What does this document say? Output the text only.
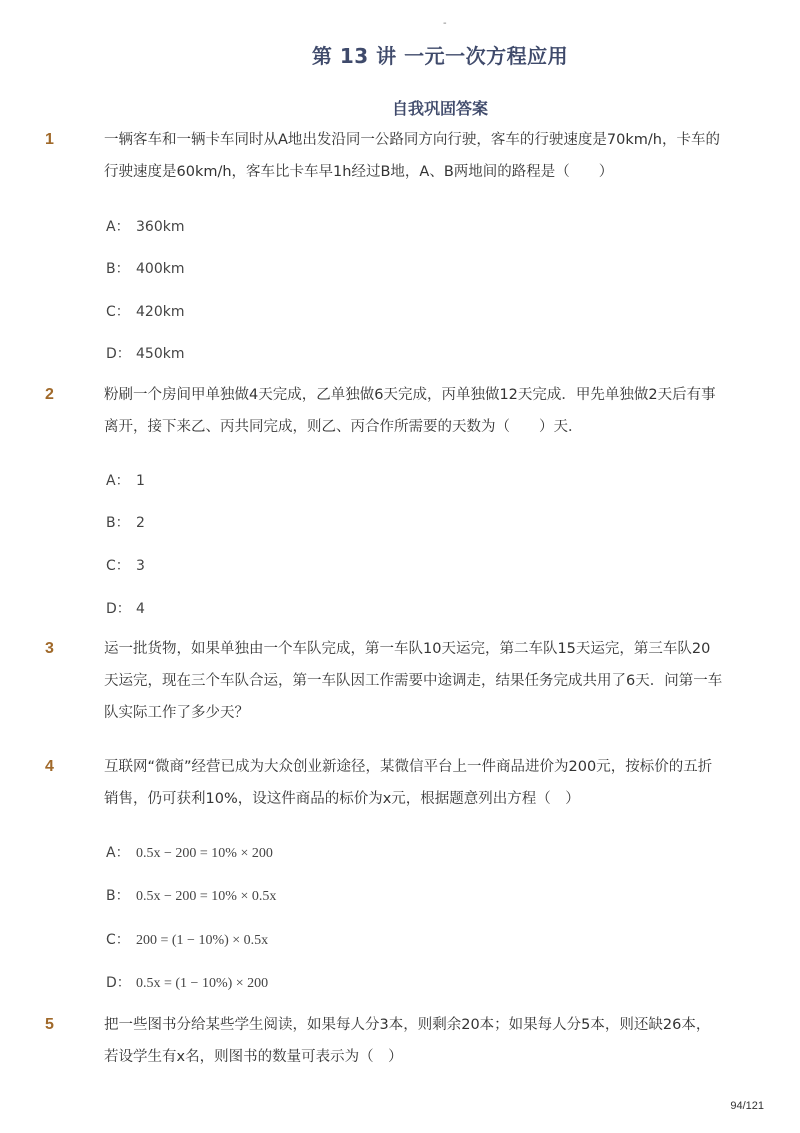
-
第 13 讲 一元一次方程应用
自我巩固答案
1	一辆客车和一辆卡车同时从A地出发沿同一公路同方向行驶，客车的行驶速度是70km/h，卡车的行驶速度是60km/h，客车比卡车早1h经过B地，A、B两地间的路程是（　　）
A： 360km
B： 400km
C： 420km
D： 450km
2	粉刷一个房间甲单独做4天完成，乙单独做6天完成，丙单独做12天完成．甲先单独做2天后有事离开，接下来乙、丙共同完成，则乙、丙合作所需要的天数为（　　）天．
A： 1
B： 2
C： 3
D： 4
3	运一批货物，如果单独由一个车队完成，第一车队10天运完，第二车队15天运完，第三车队20天运完，现在三个车队合运，第一车队因工作需要中途调走，结果任务完成共用了6天．问第一车队实际工作了多少天？
4	互联网“微商”经营已成为大众创业新途径，某微信平台上一件商品进价为200元，按标价的五折销售，仍可获利10%，设这件商品的标价为x元，根据题意列出方程（　）
A： 0.5x − 200 = 10% × 200
B： 0.5x − 200 = 10% × 0.5x
C： 200 = (1 − 10%) × 0.5x
D： 0.5x = (1 − 10%) × 200
5	把一些图书分给某些学生阅读，如果每人分3本，则剩余20本；如果每人分5本，则还缺26本，若设学生有x名，则图书的数量可表示为（　）
94/121
